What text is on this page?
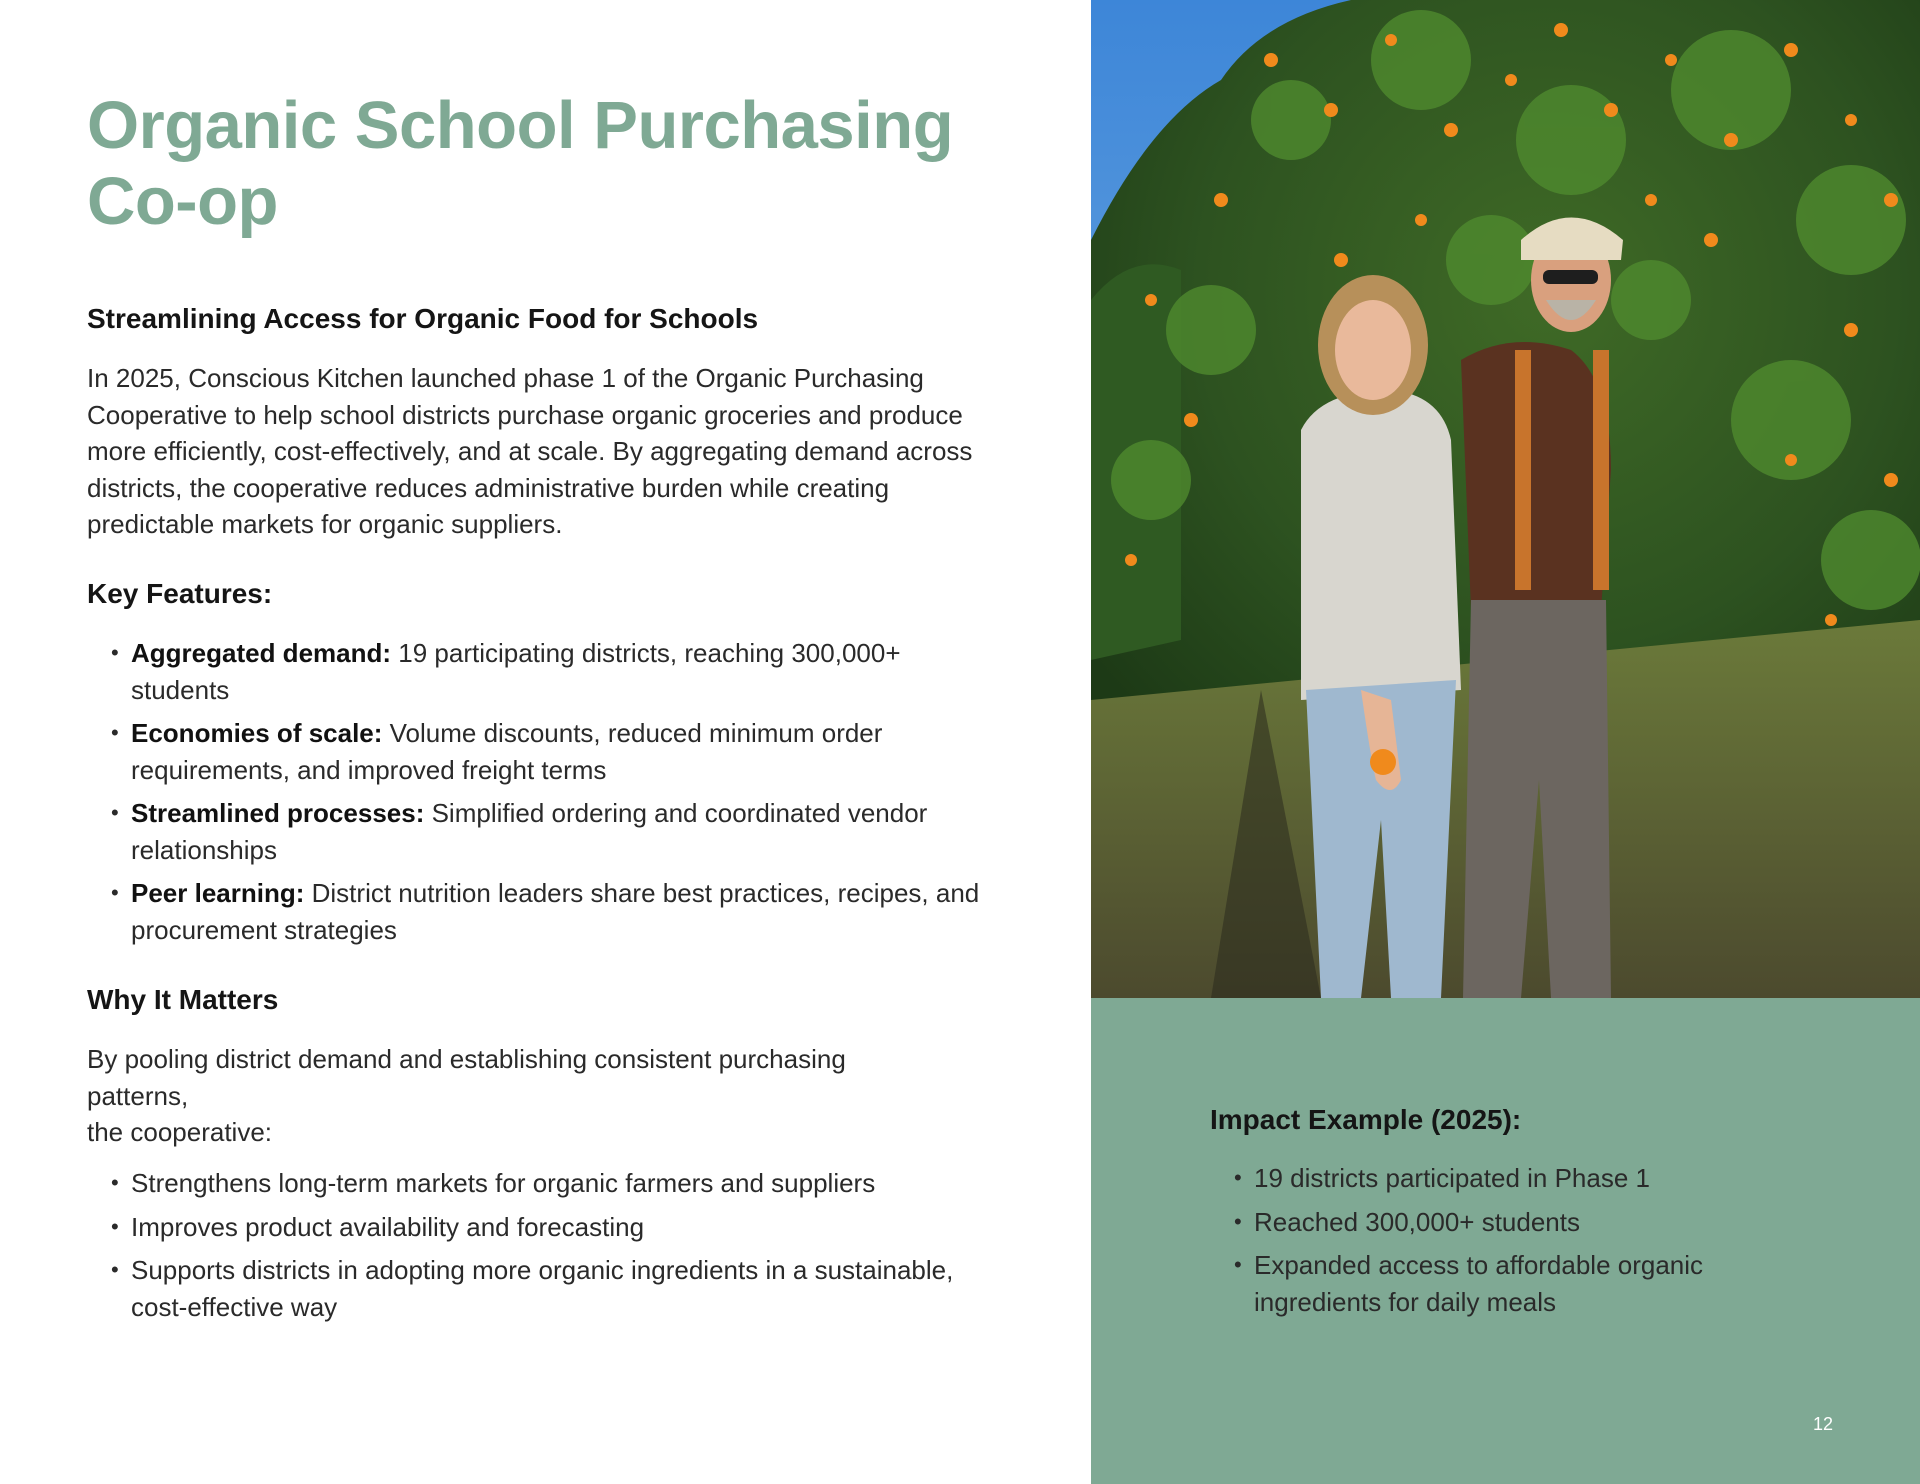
Organic School Purchasing Co-op
Streamlining Access for Organic Food for Schools

In 2025, Conscious Kitchen launched phase 1 of the Organic Purchasing Cooperative to help school districts purchase organic groceries and produce more efficiently, cost-effectively, and at scale. By aggregating demand across districts, the cooperative reduces administrative burden while creating predictable markets for organic suppliers.

Key Features:
• Aggregated demand: 19 participating districts, reaching 300,000+ students
• Economies of scale: Volume discounts, reduced minimum order requirements, and improved freight terms
• Streamlined processes: Simplified ordering and coordinated vendor relationships
• Peer learning: District nutrition leaders share best practices, recipes, and procurement strategies
Why It Matters
By pooling district demand and establishing consistent purchasing
patterns,
the cooperative:
• Strengthens long-term markets for organic farmers and suppliers
• Improves product availability and forecasting
• Supports districts in adopting more organic ingredients in a sustainable, cost-effective way
Impact Example (2025):
• 19 districts participated in Phase 1
• Reached 300,000+ students
• Expanded access to affordable organic ingredients for daily meals
12
